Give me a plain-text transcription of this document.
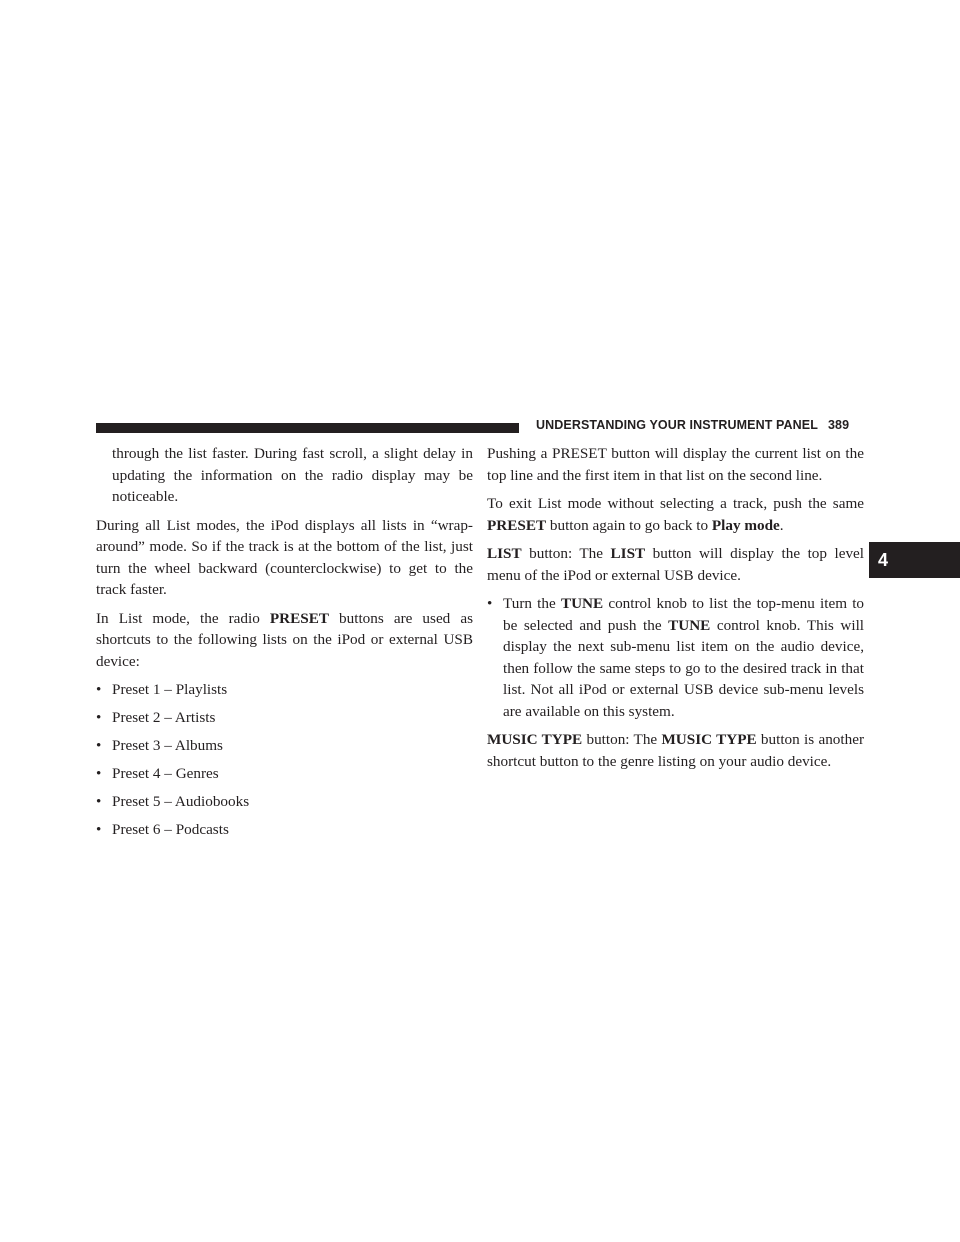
UNDERSTANDING YOUR INSTRUMENT PANEL 389
4

through the list faster. During fast scroll, a slight delay in updating the information on the radio display may be noticeable.

During all List modes, the iPod displays all lists in “wrap-around” mode. So if the track is at the bottom of the list, just turn the wheel backward (counterclockwise) to get to the track faster.

In List mode, the radio PRESET buttons are used as shortcuts to the following lists on the iPod or external USB device:

• Preset 1 – Playlists
• Preset 2 – Artists
• Preset 3 – Albums
• Preset 4 – Genres
• Preset 5 – Audiobooks
• Preset 6 – Podcasts

Pushing a PRESET button will display the current list on the top line and the first item in that list on the second line.

To exit List mode without selecting a track, push the same PRESET button again to go back to Play mode.

LIST button: The LIST button will display the top level menu of the iPod or external USB device.

• Turn the TUNE control knob to list the top-menu item to be selected and push the TUNE control knob. This will display the next sub-menu list item on the audio device, then follow the same steps to go to the desired track in that list. Not all iPod or external USB device sub-menu levels are available on this system.

MUSIC TYPE button: The MUSIC TYPE button is another shortcut button to the genre listing on your audio device.
